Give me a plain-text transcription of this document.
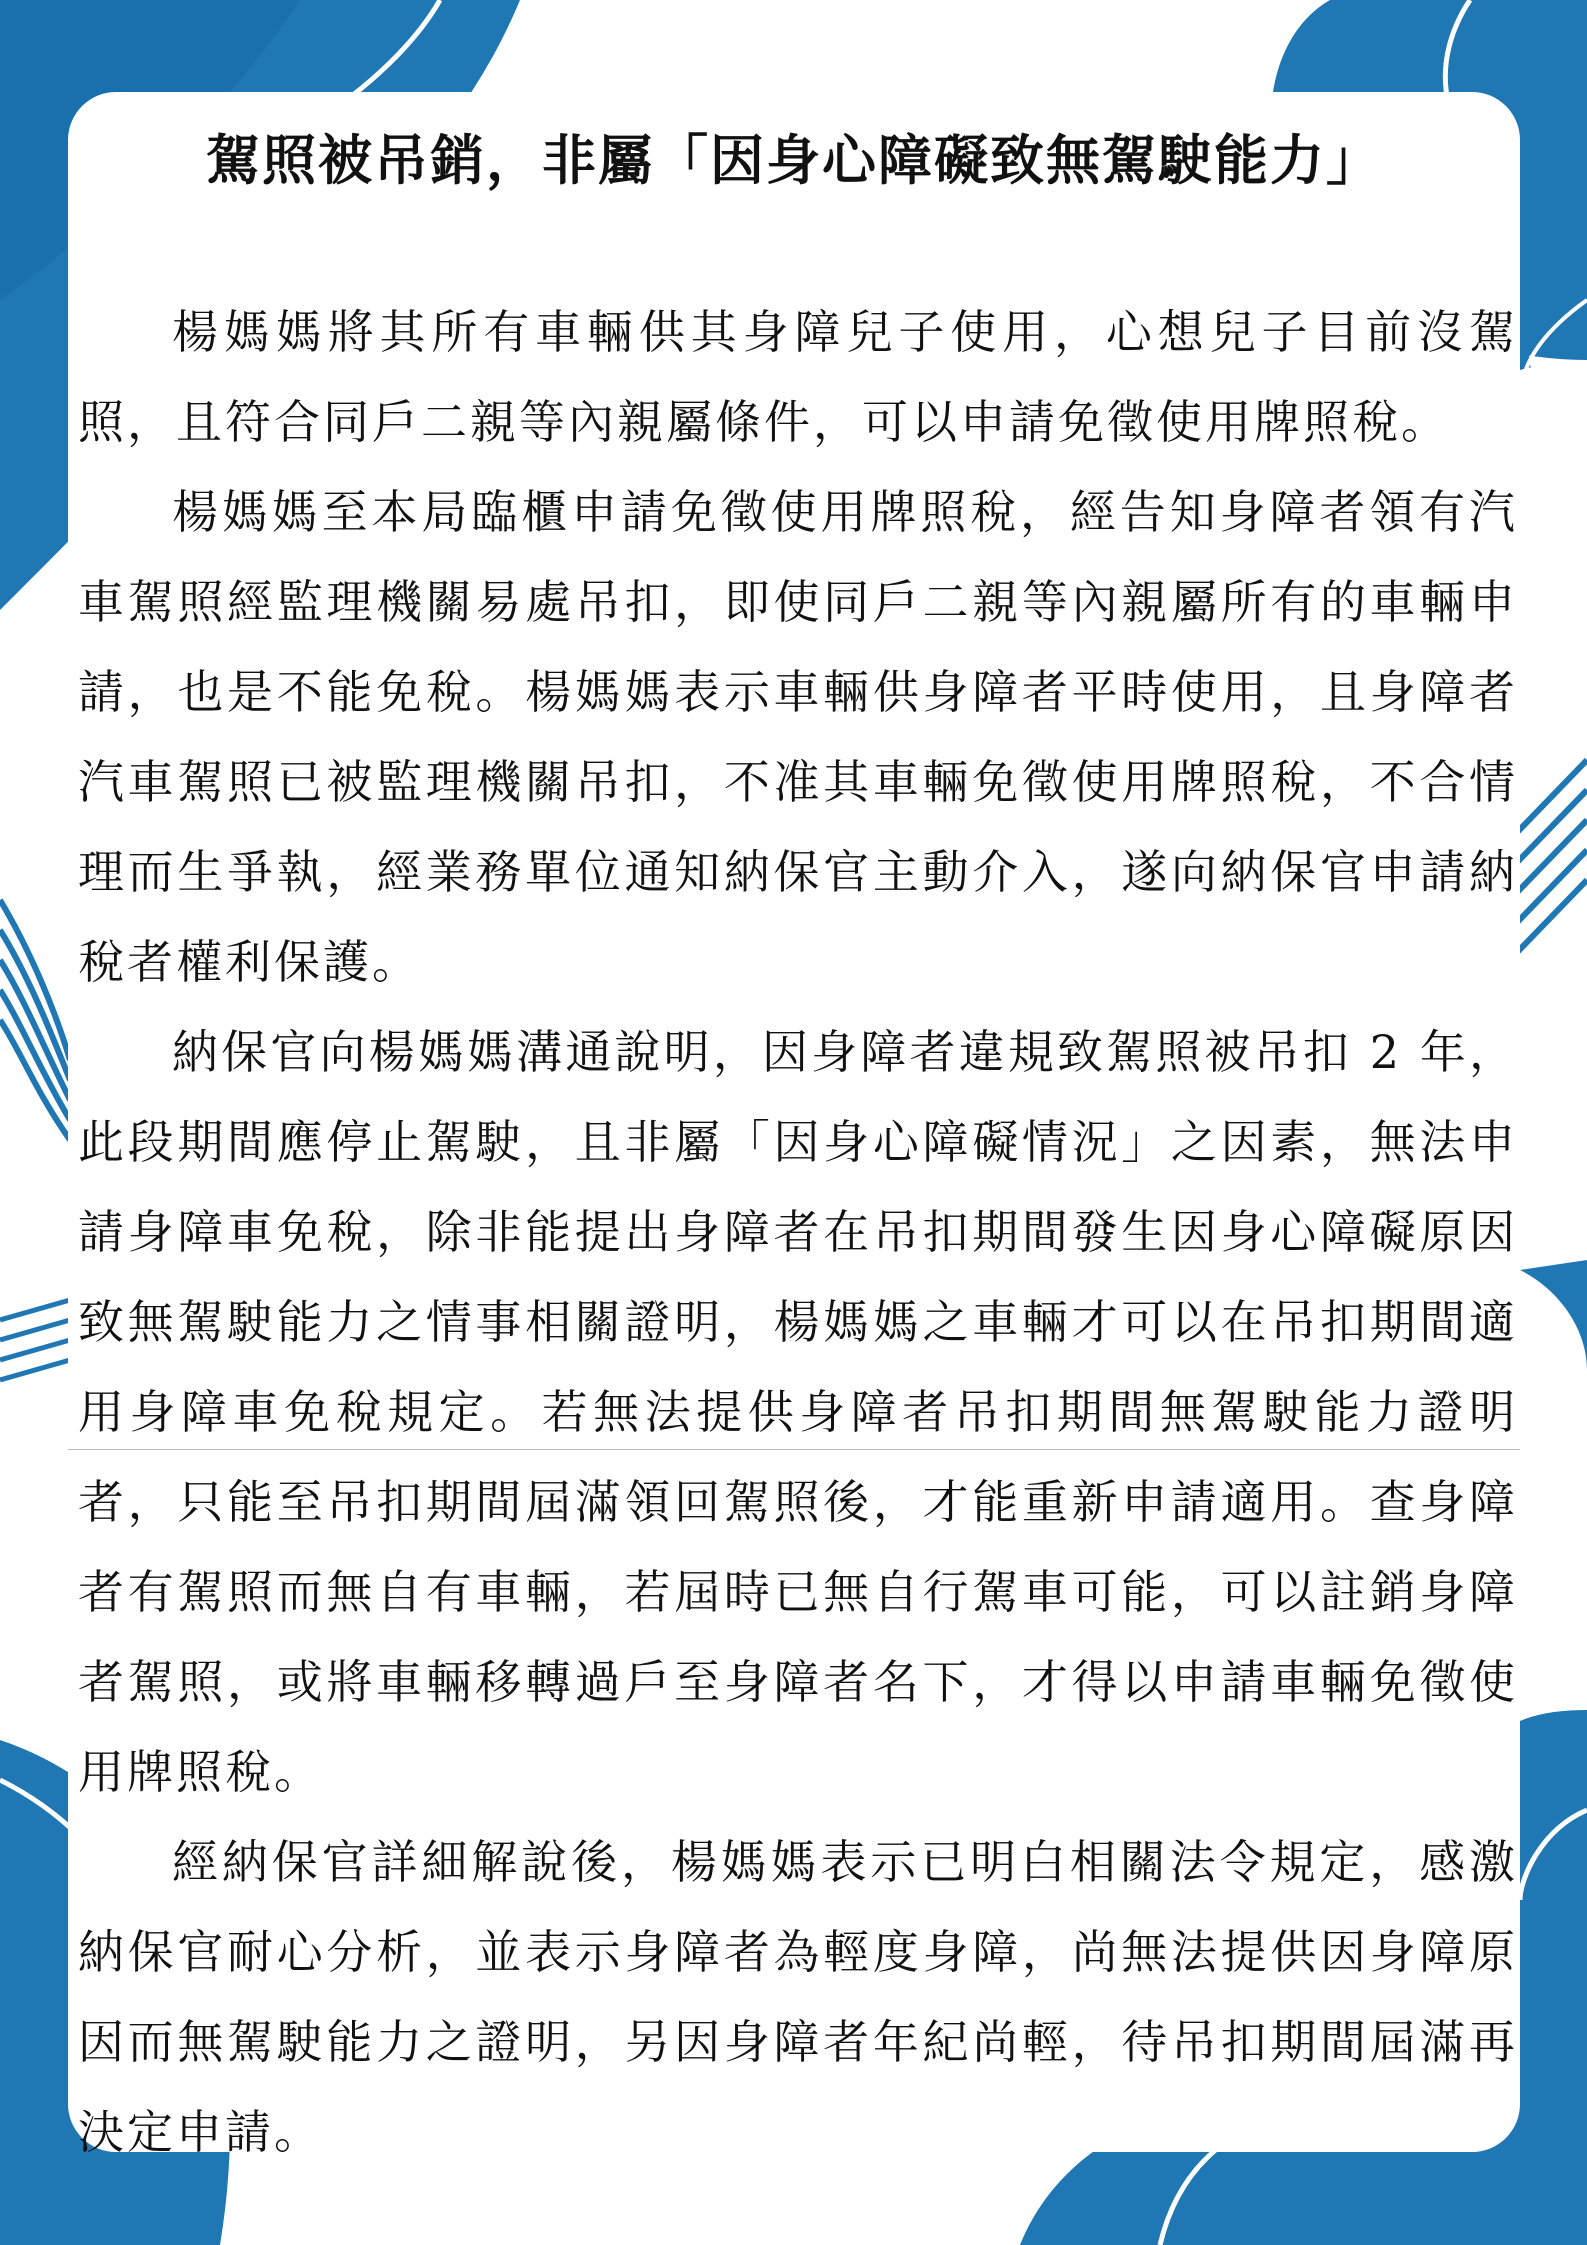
駕照被吊銷，非屬「因身心障礙致無駕駛能力」

楊媽媽將其所有車輛供其身障兒子使用，心想兒子目前沒駕照，且符合同戶二親等內親屬條件，可以申請免徵使用牌照稅。

楊媽媽至本局臨櫃申請免徵使用牌照稅，經告知身障者領有汽車駕照經監理機關易處吊扣，即使同戶二親等內親屬所有的車輛申請，也是不能免稅。楊媽媽表示車輛供身障者平時使用，且身障者汽車駕照已被監理機關吊扣，不准其車輛免徵使用牌照稅，不合情理而生爭執，經業務單位通知納保官主動介入，遂向納保官申請納稅者權利保護。

納保官向楊媽媽溝通說明，因身障者違規致駕照被吊扣 2 年，此段期間應停止駕駛，且非屬「因身心障礙情況」之因素，無法申請身障車免稅，除非能提出身障者在吊扣期間發生因身心障礙原因致無駕駛能力之情事相關證明，楊媽媽之車輛才可以在吊扣期間適用身障車免稅規定。若無法提供身障者吊扣期間無駕駛能力證明者，只能至吊扣期間屆滿領回駕照後，才能重新申請適用。查身障者有駕照而無自有車輛，若屆時已無自行駕車可能，可以註銷身障者駕照，或將車輛移轉過戶至身障者名下，才得以申請車輛免徵使用牌照稅。

經納保官詳細解說後，楊媽媽表示已明白相關法令規定，感激納保官耐心分析，並表示身障者為輕度身障，尚無法提供因身障原因而無駕駛能力之證明，另因身障者年紀尚輕，待吊扣期間屆滿再決定申請。
